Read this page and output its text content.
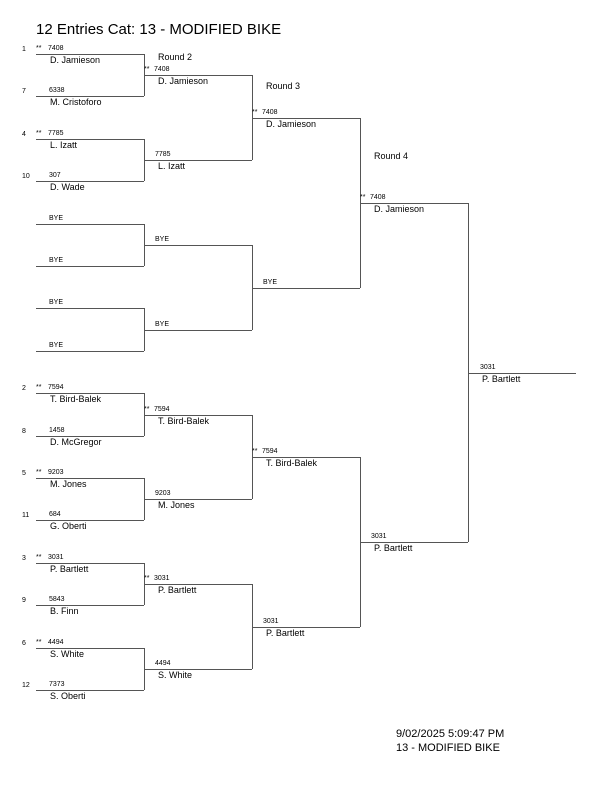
12 Entries Cat: 13 - MODIFIED BIKE
Round 2
Round 3
Round 4
1 ** 7408
D. Jamieson
7	6338
M. Cristoforo
4 ** 7785
L. Izatt
10	307
D. Wade
BYE
BYE
BYE
BYE
2 ** 7594
T. Bird-Balek
8	1458
D. McGregor
5 ** 9203
M. Jones
11	684
G. Oberti
3 ** 3031
P. Bartlett
9	5843
B. Finn
6 ** 4494
S. White
12	7373
S. Oberti
** 7408
D. Jamieson
7785
L. Izatt
BYE
BYE
** 7594
T. Bird-Balek
9203
M. Jones
** 3031
P. Bartlett
4494
S. White
** 7408
D. Jamieson
BYE
** 7594
T. Bird-Balek
3031
P. Bartlett
** 7408
D. Jamieson
3031
P. Bartlett
3031
P. Bartlett
9/02/2025 5:09:47 PM
13 - MODIFIED BIKE
